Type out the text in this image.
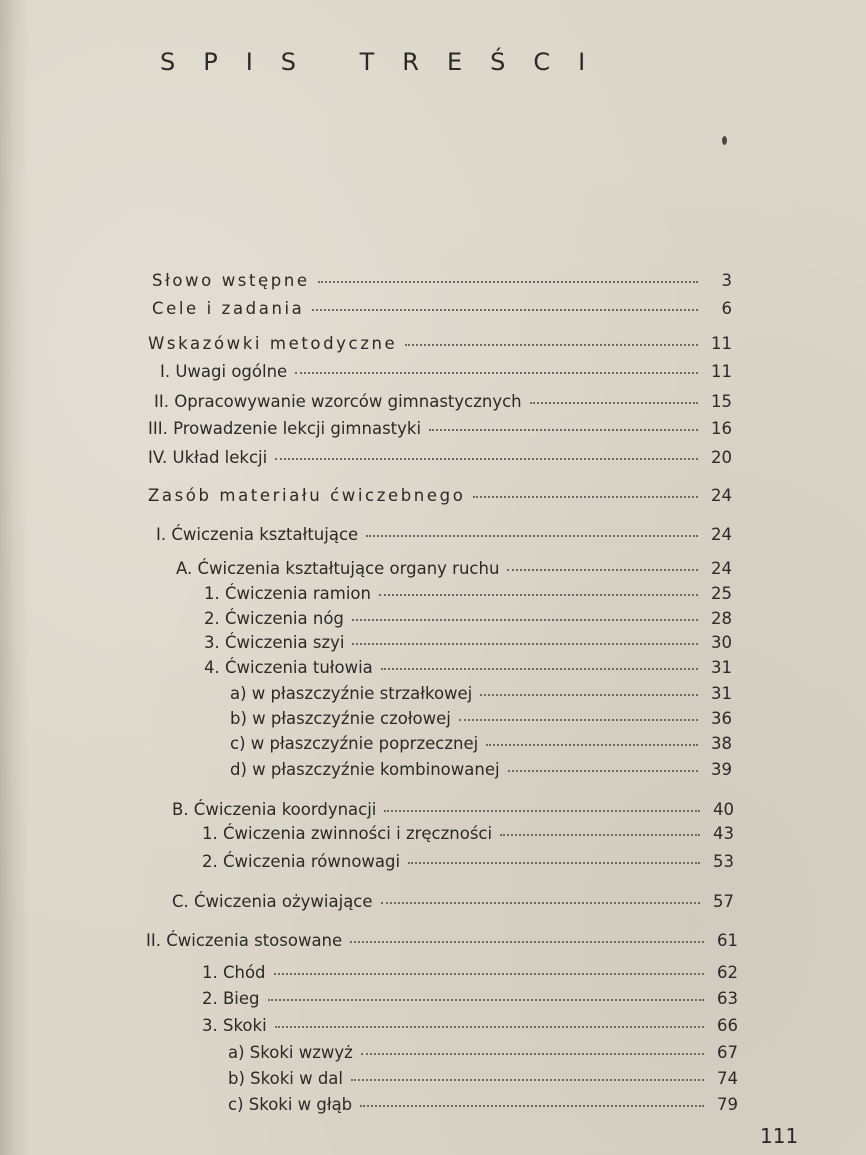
SPIS TREŚCI
Słowo wstępne	3
Cele i zadania	6
Wskazówki metodyczne	11
I. Uwagi ogólne	11
II. Opracowywanie wzorców gimnastycznych	15
III. Prowadzenie lekcji gimnastyki	16
IV. Układ lekcji	20
Zasób materiału ćwiczebnego	24
I. Ćwiczenia kształtujące	24
A. Ćwiczenia kształtujące organy ruchu	24
1. Ćwiczenia ramion	25
2. Ćwiczenia nóg	28
3. Ćwiczenia szyi	30
4. Ćwiczenia tułowia	31
a) w płaszczyźnie strzałkowej	31
b) w płaszczyźnie czołowej	36
c) w płaszczyźnie poprzecznej	38
d) w płaszczyźnie kombinowanej	39
B. Ćwiczenia koordynacji	40
1. Ćwiczenia zwinności i zręczności	43
2. Ćwiczenia równowagi	53
C. Ćwiczenia ożywiające	57
II. Ćwiczenia stosowane	61
1. Chód	62
2. Bieg	63
3. Skoki	66
a) Skoki wzwyż	67
b) Skoki w dal	74
c) Skoki w głąb	79
111
